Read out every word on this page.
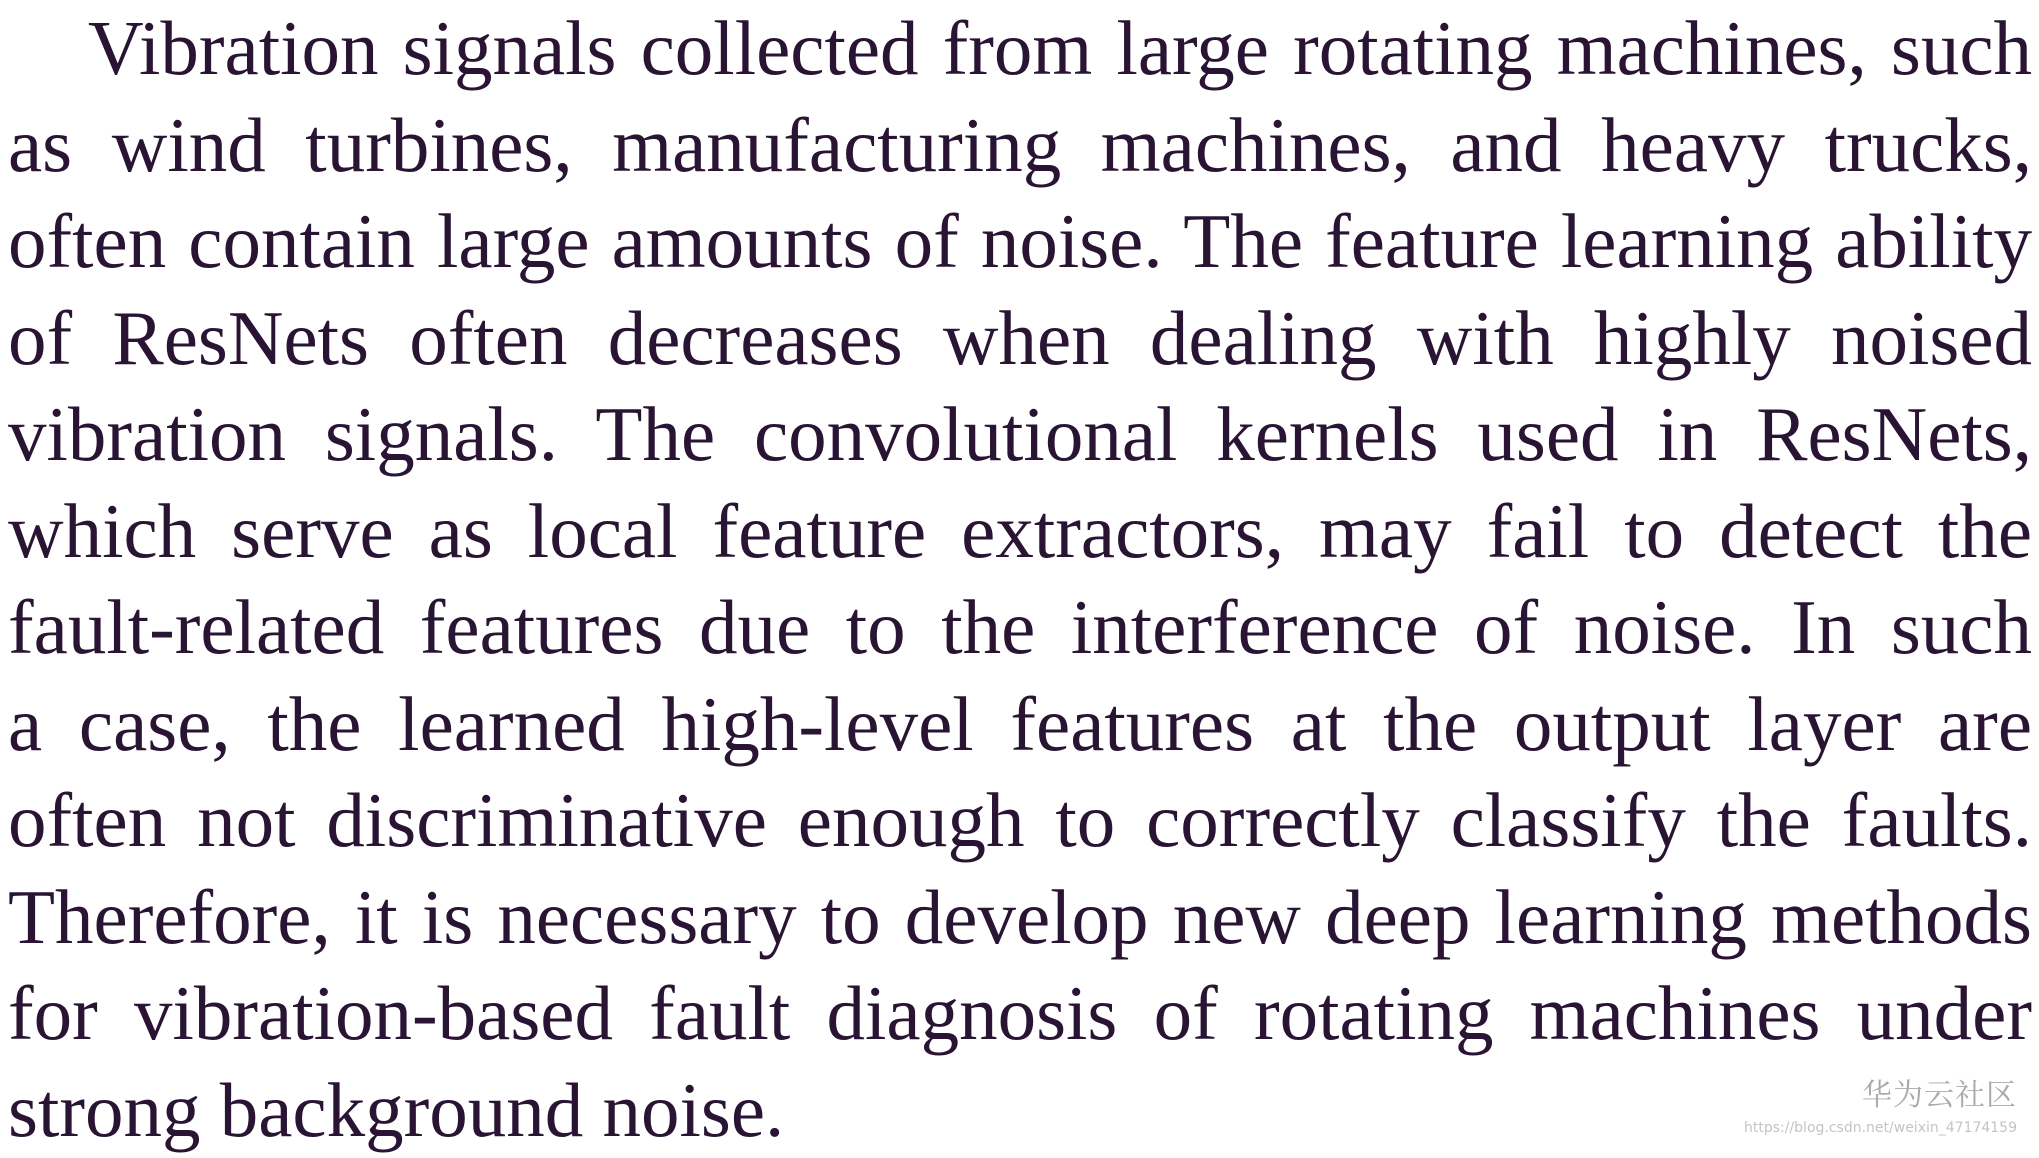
Vibration signals collected from large rotating machines, such
as wind turbines, manufacturing machines, and heavy trucks,
often contain large amounts of noise. The feature learning ability
of ResNets often decreases when dealing with highly noised
vibration signals. The convolutional kernels used in ResNets,
which serve as local feature extractors, may fail to detect the
fault-related features due to the interference of noise. In such
a case, the learned high-level features at the output layer are
often not discriminative enough to correctly classify the faults.
Therefore, it is necessary to develop new deep learning methods
for vibration-based fault diagnosis of rotating machines under
strong background noise.	华为云社区
https://blog.csdn.net/weixin_47174159
